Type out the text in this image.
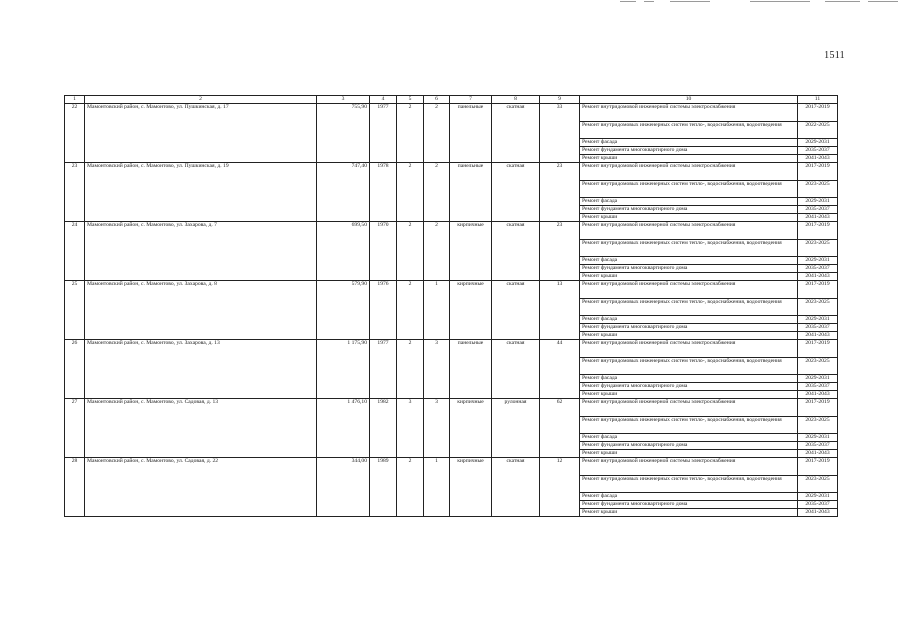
1511
1	2	3	4	5	6	7	8	9	10	11
22	Мамонтовский район, с. Мамонтово, ул. Пушкинская, д. 17	755,90	1977	2	2	панельные	скатная	33	Ремонт внутридомовой инженерной системы электроснабжения	2017-2019
									Ремонт внутридомовых инженерных систем тепло-, водоснабжения, водоотведения	2022-2025
									Ремонт фасада	2029-2031
									Ремонт фундамента многоквартирного дома	2035-2037
									Ремонт крыши	2041-2043
23	Мамонтовский район, с. Мамонтово, ул. Пушкинская, д. 19	747,40	1978	2	2	панельные	скатная	23	Ремонт внутридомовой инженерной системы электроснабжения	2017-2019
									Ремонт внутридомовых инженерных систем тепло-, водоснабжения, водоотведения	2023-2025
									Ремонт фасада	2029-2031
									Ремонт фундамента многоквартирного дома	2035-2037
									Ремонт крыши	2041-2043
24	Мамонтовский район, с. Мамонтово, ул. Захарова, д. 7	699,50	1970	2	2	кирпичные	скатная	23	Ремонт внутридомовой инженерной системы электроснабжения	2017-2019
									Ремонт внутридомовых инженерных систем тепло-, водоснабжения, водоотведения	2023-2025
									Ремонт фасада	2029-2031
									Ремонт фундамента многоквартирного дома	2035-2037
									Ремонт крыши	2041-2043
25	Мамонтовский район, с. Мамонтово, ул. Захарова, д. 8	579,90	1976	2	1	кирпичные	скатная	13	Ремонт внутридомовой инженерной системы электроснабжения	2017-2019
									Ремонт внутридомовых инженерных систем тепло-, водоснабжения, водоотведения	2023-2025
									Ремонт фасада	2029-2031
									Ремонт фундамента многоквартирного дома	2035-2037
									Ремонт крыши	2041-2043
26	Мамонтовский район, с. Мамонтово, ул. Захарова, д. 13	1 175,90	1977	2	3	панельные	скатная	44	Ремонт внутридомовой инженерной системы электроснабжения	2017-2019
									Ремонт внутридомовых инженерных систем тепло-, водоснабжения, водоотведения	2023-2025
									Ремонт фасада	2029-2031
									Ремонт фундамента многоквартирного дома	2035-2037
									Ремонт крыши	2041-2043
27	Мамонтовский район, с. Мамонтово, ул. Садовая, д. 13	1 476,10	1982	3	3	кирпичные	рулонная	62	Ремонт внутридомовой инженерной системы электроснабжения	2017-2019
									Ремонт внутридомовых инженерных систем тепло-, водоснабжения, водоотведения	2023-2025
									Ремонт фасада	2029-2031
									Ремонт фундамента многоквартирного дома	2035-2037
									Ремонт крыши	2041-2043
28	Мамонтовский район, с. Мамонтово, ул. Садовая, д. 22	344,00	1989	2	1	кирпичные	скатная	12	Ремонт внутридомовой инженерной системы электроснабжения	2017-2019
									Ремонт внутридомовых инженерных систем тепло-, водоснабжения, водоотведения	2023-2025
									Ремонт фасада	2029-2031
									Ремонт фундамента многоквартирного дома	2035-2037
									Ремонт крыши	2041-2043
